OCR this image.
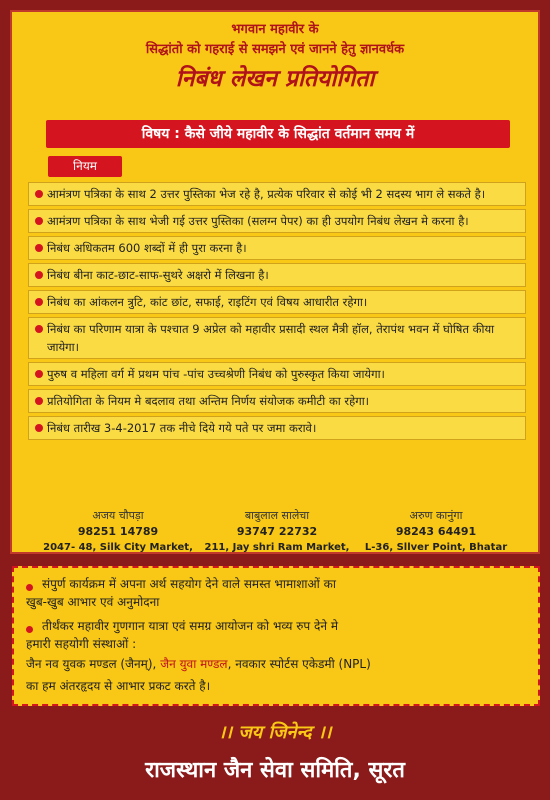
भगवान महावीर के
सिद्धांतो को गहराई से समझने एवं जानने हेतु ज्ञानवर्धक
निबंध लेखन प्रतियोगिता
विषय : कैसे जीये महावीर के सिद्धांत वर्तमान समय में
नियम
आमंत्रण पत्रिका के साथ 2 उत्तर पुस्तिका भेज रहे है, प्रत्येक परिवार से कोई भी 2 सदस्य भाग ले सकते है।
आमंत्रण पत्रिका के साथ भेजी गई उत्तर पुस्तिका (सलग्न पेपर) का ही उपयोग निबंध लेखन मे करना है।
निबंध अधिकतम 600 शब्दों में ही पुरा करना है।
निबंध बीना काट-छाट-साफ-सुथरे अक्षरो में लिखना है।
निबंध का आंकलन त्रुटि, कांट छांट, सफाई, राइटिंग एवं विषय आधारीत रहेगा।
निबंध का परिणाम यात्रा के पश्चात 9 अप्रेल को महावीर प्रसादी स्थल मैत्री हॉल, तेरापंथ भवन में घोषित कीया जायेगा।
पुरुष व महिला वर्ग में प्रथम पांच -पांच उच्चश्रेणी निबंध को पुरुस्कृत किया जायेगा।
प्रतियोगिता के नियम मे बदलाव तथा अन्तिम निर्णय संयोजक कमीटी का रहेगा।
निबंध तारीख 3-4-2017 तक नीचे दिये गये पते पर जमा करावे।
अजय चौपड़ा
98251 14789
2047- 48, Silk City Market,
बाबुलाल सालेचा
93747 22732
211, Jay shri Ram Market,
अरुण कानुंगा
98243 64491
L-36, Sllver Point, Bhatar
संपुर्ण कार्यक्रम में अपना अर्थ सहयोग देने वाले समस्त भामाशाओं का
खुब-खुब आभार एवं अनुमोदना
तीर्थंकर महावीर गुणगान यात्रा एवं समग्र आयोजन को भव्य रुप देने मे
हमारी सहयोगी संस्थाओं :
जैन नव युवक मण्डल (जैनम्), जैन युवा मण्डल, नवकार स्पोर्टस एकेडमी (NPL)
का हम अंतरहृदय से आभार प्रकट करते है।
।। जय जिनेन्द ।।
राजस्थान जैन सेवा समिति, सूरत
